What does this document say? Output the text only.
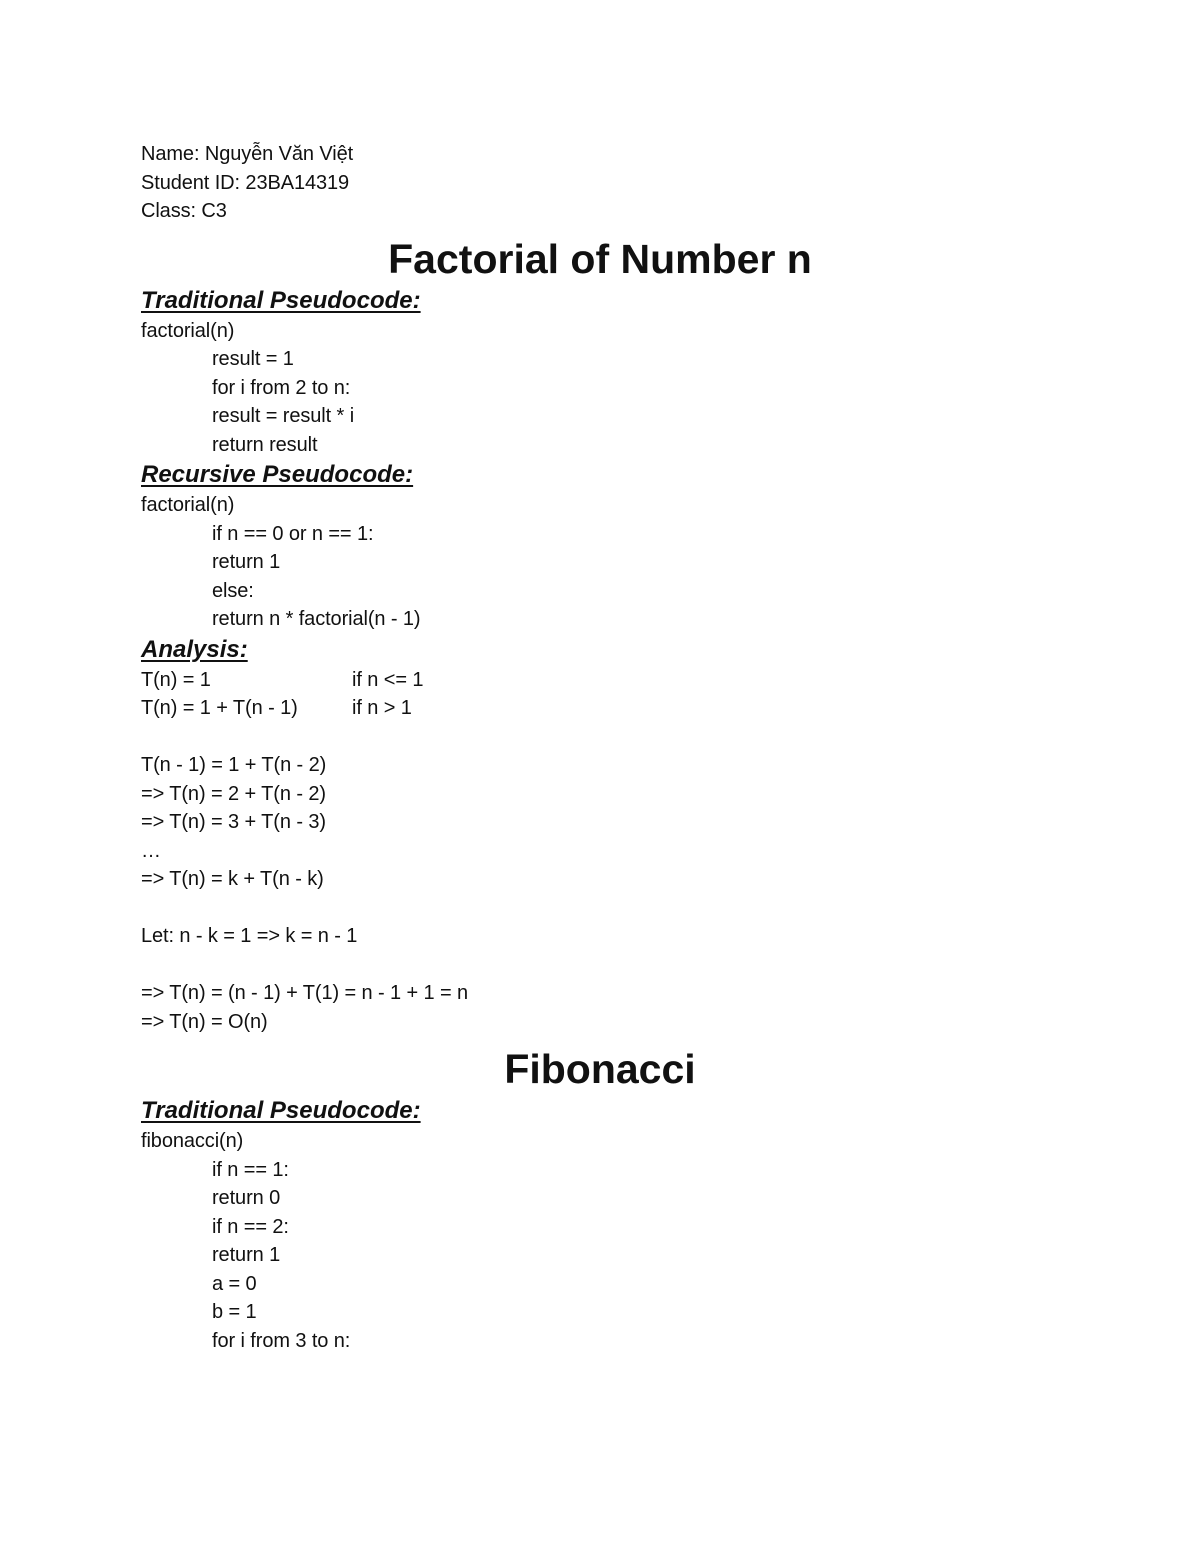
Name: Nguyễn Văn Việt
Student ID: 23BA14319
Class: C3
Factorial of Number n
Traditional Pseudocode:
factorial(n)
result = 1
for i from 2 to n:
result = result * i
return result
Recursive Pseudocode:
factorial(n)
if n == 0 or n == 1:
return 1
else:
return n * factorial(n - 1)
Analysis:
T(n) = 1	if n <= 1
T(n) = 1 + T(n - 1)	if n > 1
T(n - 1) = 1 + T(n - 2)
=> T(n) = 2 + T(n - 2)
=> T(n) = 3 + T(n - 3)
…
=> T(n) = k + T(n - k)
Let: n - k = 1 => k = n - 1
=> T(n) = (n - 1) + T(1) = n - 1 + 1 = n
=> T(n) = O(n)
Fibonacci
Traditional Pseudocode:
fibonacci(n)
if n == 1:
return 0
if n == 2:
return 1
a = 0
b = 1
for i from 3 to n:
